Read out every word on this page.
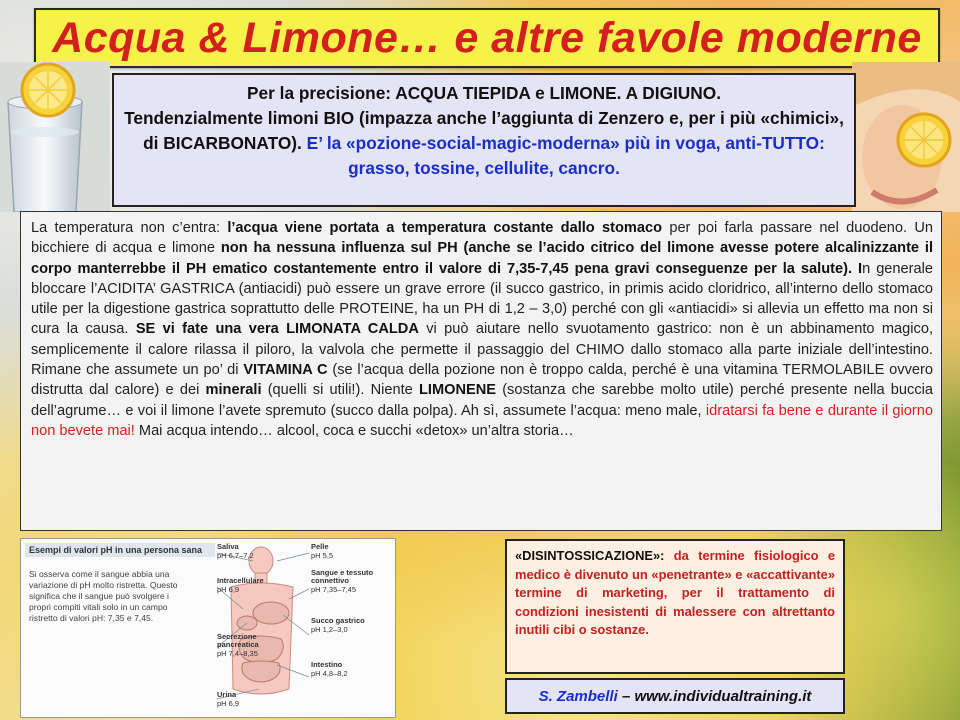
Acqua & Limone… e altre favole moderne
Per la precisione: ACQUA TIEPIDA e LIMONE. A DIGIUNO.
Tendenzialmente limoni BIO (impazza anche l’aggiunta di Zenzero e, per i più «chimici», di BICARBONATO). E’ la «pozione-social-magic-moderna» più in voga, anti-TUTTO: grasso, tossine, cellulite, cancro.
La temperatura non c’entra: l’acqua viene portata a temperatura costante dallo stomaco per poi farla passare nel duodeno. Un bicchiere di acqua e limone non ha nessuna influenza sul PH (anche se l’acido citrico del limone avesse potere alcalinizzante il corpo manterrebbe il PH ematico costantemente entro il valore di 7,35-7,45 pena gravi conseguenze per la salute). In generale bloccare l’ACIDITA’ GASTRICA (antiacidi) può essere un grave errore (il succo gastrico, in primis acido cloridrico, all’interno dello stomaco utile per la digestione gastrica soprattutto delle PROTEINE, ha un PH di 1,2 – 3,0) perché con gli «antiacidi» si allevia un effetto ma non si cura la causa. SE vi fate una vera LIMONATA CALDA vi può aiutare nello svuotamento gastrico: non è un abbinamento magico, semplicemente il calore rilassa il piloro, la valvola che permette il passaggio del CHIMO dallo stomaco alla parte iniziale dell’intestino. Rimane che assumete un po’ di VITAMINA C (se l’acqua della pozione non è troppo calda, perché è una vitamina TERMOLABILE ovvero distrutta dal calore) e dei minerali (quelli si utili!). Niente LIMONENE (sostanza che sarebbe molto utile) perché presente nella buccia dell’agrume… e voi il limone l’avete spremuto (succo dalla polpa). Ah sì, assumete l’acqua: meno male, idratarsi fa bene e durante il giorno non bevete mai! Mai acqua intendo… alcool, coca e succhi «detox» un’altra storia…
Saliva
pH 6,7–7,2
Intracellulare
pH 6,9
Secrezione
pancreatica
pH 7,4–8,35
Urina
pH 6,9
Pelle
pH 5,5
Sangue e tessuto
connettivo
pH 7,35–7,45
Succo gastrico
pH 1,2–3,0
Intestino
pH 4,8–8,2
Esempi di valori pH in una persona sana
Si osserva come il sangue abbia una variazione di pH molto ristretta. Questo significa che il sangue può svolgere i propri compiti vitali solo in un campo ristretto di valori pH: 7,35 e 7,45.
«DISINTOSSICAZIONE»: da termine fisiologico e medico è divenuto un «penetrante» e «accattivante» termine di marketing, per il trattamento di condizioni inesistenti di malessere con altrettanto inutili cibi o sostanze.
S. Zambelli – www.individualtraining.it
